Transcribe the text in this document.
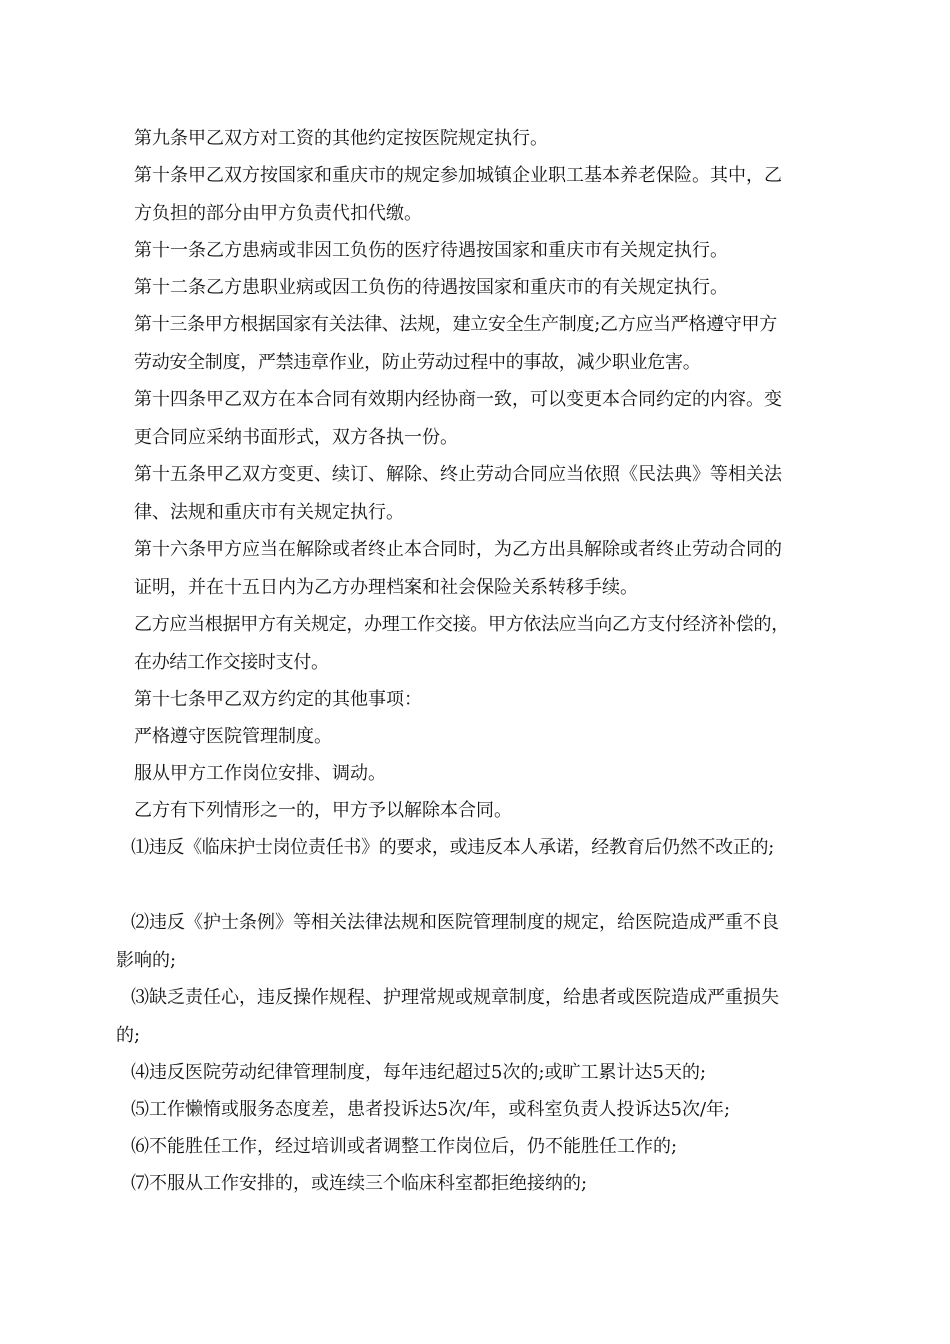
第九条甲乙双方对工资的其他约定按医院规定执行。

第十条甲乙双方按国家和重庆市的规定参加城镇企业职工基本养老保险。其中，乙
方负担的部分由甲方负责代扣代缴。

第十一条乙方患病或非因工负伤的医疗待遇按国家和重庆市有关规定执行。

第十二条乙方患职业病或因工负伤的待遇按国家和重庆市的有关规定执行。

第十三条甲方根据国家有关法律、法规，建立安全生产制度;乙方应当严格遵守甲方
劳动安全制度，严禁违章作业，防止劳动过程中的事故，减少职业危害。

第十四条甲乙双方在本合同有效期内经协商一致，可以变更本合同约定的内容。变
更合同应采纳书面形式，双方各执一份。

第十五条甲乙双方变更、续订、解除、终止劳动合同应当依照《民法典》等相关法
律、法规和重庆市有关规定执行。

第十六条甲方应当在解除或者终止本合同时，为乙方出具解除或者终止劳动合同的
证明，并在十五日内为乙方办理档案和社会保险关系转移手续。

乙方应当根据甲方有关规定，办理工作交接。甲方依法应当向乙方支付经济补偿的，
在办结工作交接时支付。

第十七条甲乙双方约定的其他事项：

严格遵守医院管理制度。

服从甲方工作岗位安排、调动。

乙方有下列情形之一的，甲方予以解除本合同。

⑴违反《临床护士岗位责任书》的要求，或违反本人承诺，经教育后仍然不改正的;

⑵违反《护士条例》等相关法律法规和医院管理制度的规定，给医院造成严重不良
影响的;

⑶缺乏责任心，违反操作规程、护理常规或规章制度，给患者或医院造成严重损失
的;

⑷违反医院劳动纪律管理制度，每年违纪超过5次的;或旷工累计达5天的;

⑸工作懒惰或服务态度差，患者投诉达5次/年，或科室负责人投诉达5次/年;

⑹不能胜任工作，经过培训或者调整工作岗位后，仍不能胜任工作的;

⑺不服从工作安排的，或连续三个临床科室都拒绝接纳的;
